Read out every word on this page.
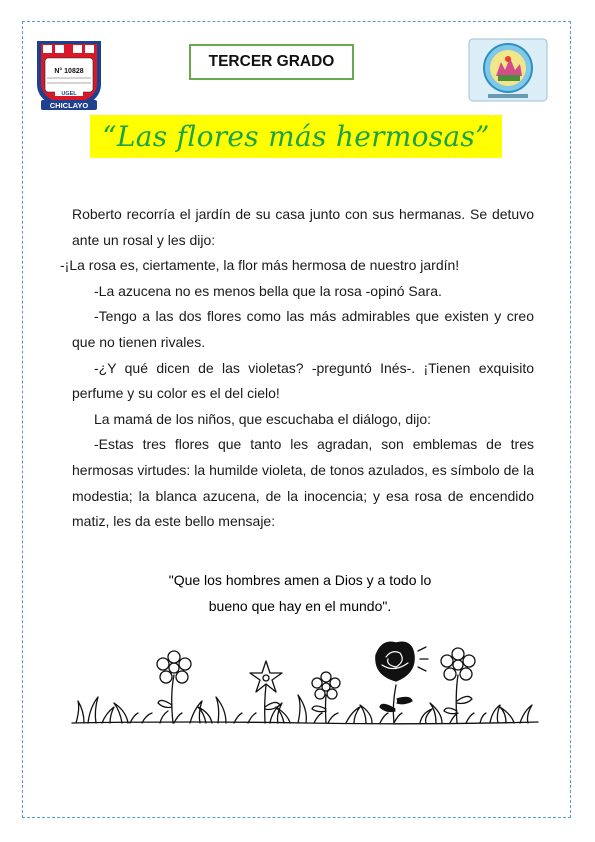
N° 10828
UGEL
CHICLAYO
TERCER GRADO
“Las flores más hermosas”

Roberto recorría el jardín de su casa junto con sus hermanas. Se detuvo ante un rosal y les dijo:

-¡La rosa es, ciertamente, la flor más hermosa de nuestro jardín!

-La azucena no es menos bella que la rosa -opinó Sara.

-Tengo a las dos flores como las más admirables que existen y creo que no tienen rivales.

-¿Y qué dicen de las violetas? -preguntó Inés-. ¡Tienen exquisito perfume y su color es el del cielo!

La mamá de los niños, que escuchaba el diálogo, dijo:

-Estas tres flores que tanto les agradan, son emblemas de tres hermosas virtudes: la humilde violeta, de tonos azulados, es símbolo de la modestia; la blanca azucena, de la inocencia; y esa rosa de encendido matiz, les da este bello mensaje:

"Que los hombres amen a Dios y a todo lo
bueno que hay en el mundo".
